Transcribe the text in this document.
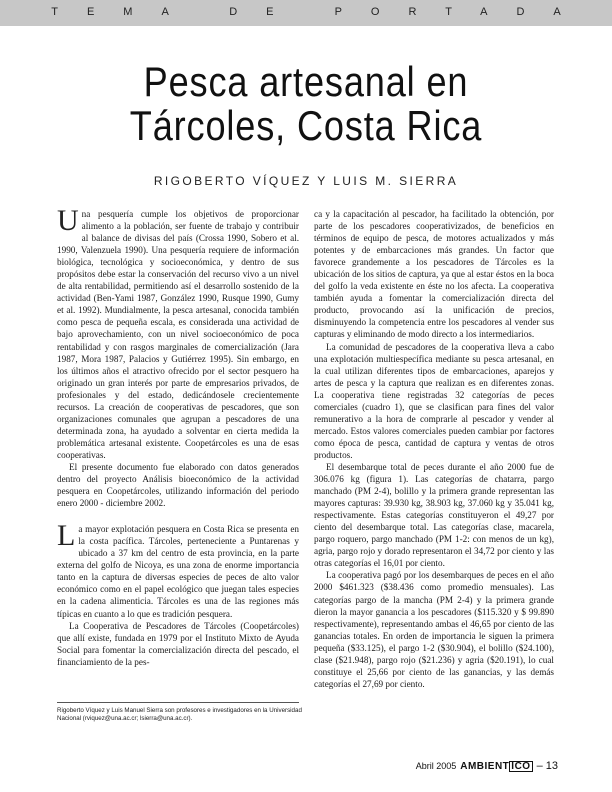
TEMA DE PORTADA
Pesca artesanal en
Tárcoles, Costa Rica
RIGOBERTO VÍQUEZ Y LUIS M. SIERRA

Una pesquería cumple los objetivos de proporcionar alimento a la población, ser fuente de trabajo y contribuir al balance de divisas del país (Crossa 1990, Sobero et al. 1990, Valenzuela 1990). Una pesquería requiere de información biológica, tecnológica y socioeconómica, y dentro de sus propósitos debe estar la conservación del recurso vivo a un nivel de alta rentabilidad, permitiendo así el desarrollo sostenido de la actividad (Ben-Yami 1987, González 1990, Rusque 1990, Gumy et al. 1992). Mundialmente, la pesca artesanal, conocida también como pesca de pequeña escala, es considerada una actividad de bajo aprovechamiento, con un nivel socioeconómico de poca rentabilidad y con rasgos marginales de comercialización (Jara 1987, Mora 1987, Palacios y Gutiérrez 1995). Sin embargo, en los últimos años el atractivo ofrecido por el sector pesquero ha originado un gran interés por parte de empresarios privados, de profesionales y del estado, dedicándosele crecientemente recursos. La creación de cooperativas de pescadores, que son organizaciones comunales que agrupan a pescadores de una determinada zona, ha ayudado a solventar en cierta medida la problemática artesanal existente. Coopetárcoles es una de esas cooperativas.

El presente documento fue elaborado con datos generados dentro del proyecto Análisis bioeconómico de la actividad pesquera en Coopetárcoles, utilizando información del periodo enero 2000 - diciembre 2002.

La mayor explotación pesquera en Costa Rica se presenta en la costa pacífica. Tárcoles, perteneciente a Puntarenas y ubicado a 37 km del centro de esta provincia, en la parte externa del golfo de Nicoya, es una zona de enorme importancia tanto en la captura de diversas especies de peces de alto valor económico como en el papel ecológico que juegan tales especies en la cadena alimenticia. Tárcoles es una de las regiones más típicas en cuanto a lo que es tradición pesquera.

La Cooperativa de Pescadores de Tárcoles (Coopetárcoles) que allí existe, fundada en 1979 por el Instituto Mixto de Ayuda Social para fomentar la comercialización directa del pescado, el financiamiento de la pes-

ca y la capacitación al pescador, ha facilitado la obtención, por parte de los pescadores cooperativizados, de beneficios en términos de equipo de pesca, de motores actualizados y más potentes y de embarcaciones más grandes. Un factor que favorece grandemente a los pescadores de Tárcoles es la ubicación de los sitios de captura, ya que al estar éstos en la boca del golfo la veda existente en éste no los afecta. La cooperativa también ayuda a fomentar la comercialización directa del producto, provocando así la unificación de precios, disminuyendo la competencia entre los pescadores al vender sus capturas y eliminando de modo directo a los intermediarios.

La comunidad de pescadores de la cooperativa lleva a cabo una explotación multiespecífica mediante su pesca artesanal, en la cual utilizan diferentes tipos de embarcaciones, aparejos y artes de pesca y la captura que realizan es en diferentes zonas. La cooperativa tiene registradas 32 categorías de peces comerciales (cuadro 1), que se clasifican para fines del valor remunerativo a la hora de comprarle al pescador y vender al mercado. Estos valores comerciales pueden cambiar por factores como época de pesca, cantidad de captura y ventas de otros productos.

El desembarque total de peces durante el año 2000 fue de 306.076 kg (figura 1). Las categorías de chatarra, pargo manchado (PM 2-4), bolillo y la primera grande representan las mayores capturas: 39.930 kg, 38.903 kg, 37.060 kg y 35.041 kg, respectivamente. Estas categorías constituyeron el 49,27 por ciento del desembarque total. Las categorías clase, macarela, pargo roquero, pargo manchado (PM 1-2: con menos de un kg), agria, pargo rojo y dorado representaron el 34,72 por ciento y las otras categorías el 16,01 por ciento.

La cooperativa pagó por los desembarques de peces en el año 2000 $461.323 ($38.436 como promedio mensuales). Las categorías pargo de la mancha (PM 2-4) y la primera grande dieron la mayor ganancia a los pescadores ($115.320 y $ 99.890 respectivamente), representando ambas el 46,65 por ciento de las ganancias totales. En orden de importancia le siguen la primera pequeña ($33.125), el pargo 1-2 ($30.904), el bolillo ($24.100), clase ($21.948), pargo rojo ($21.236) y agria ($20.191), lo cual constituye el 25,66 por ciento de las ganancias, y las demás categorías el 27,69 por ciento.

Rigoberto Víquez y Luis Manuel Sierra son profesores e investigadores en la Universidad Nacional (rviquez@una.ac.cr; lsierra@una.ac.cr).
Abril 2005 AMBIENT ICO – 13
